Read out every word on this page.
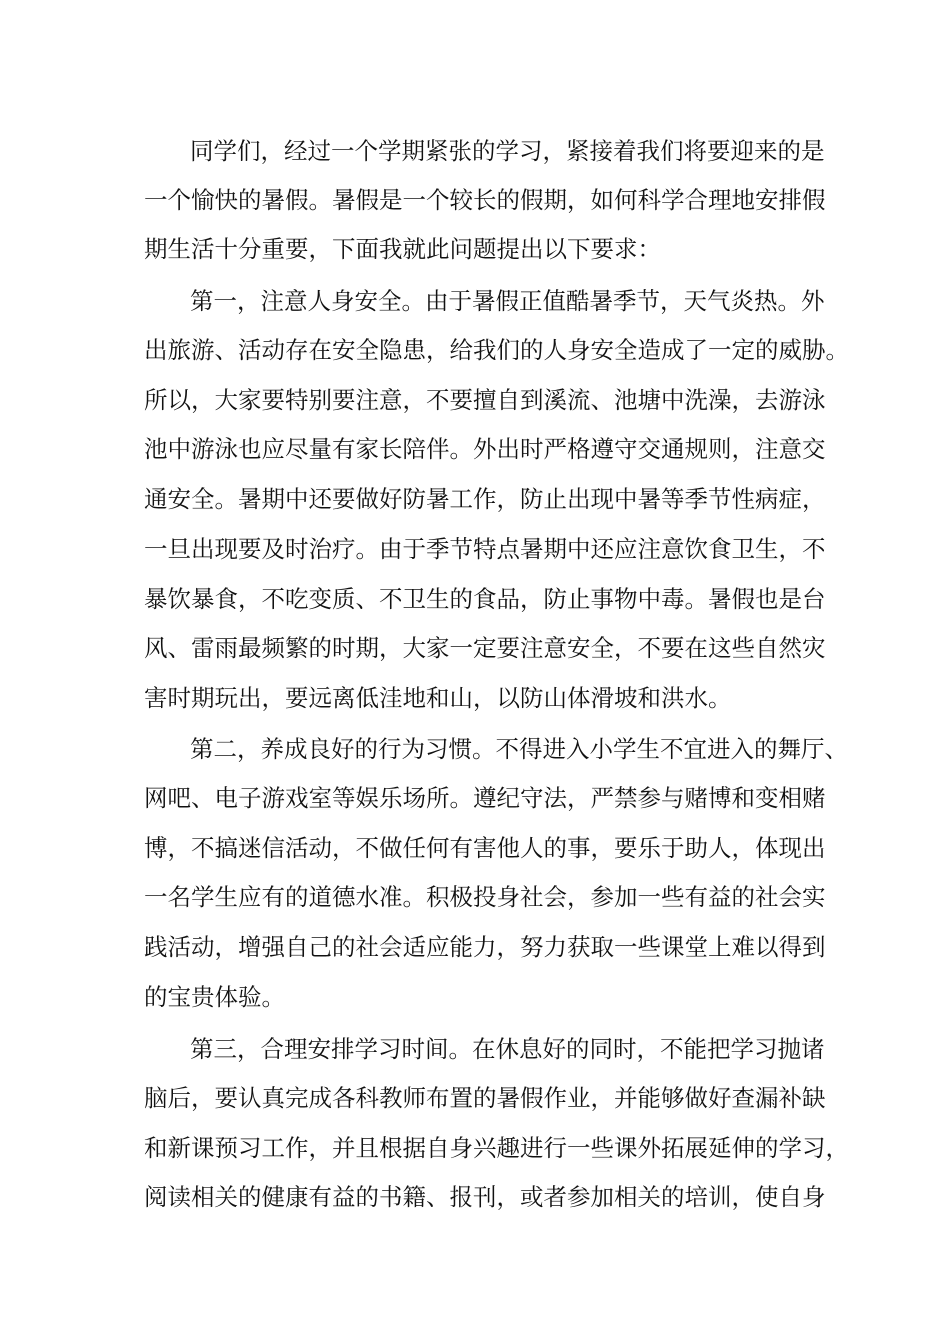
同学们，经过一个学期紧张的学习，紧接着我们将要迎来的是
一个愉快的暑假。暑假是一个较长的假期，如何科学合理地安排假
期生活十分重要，下面我就此问题提出以下要求：
第一，注意人身安全。由于暑假正值酷暑季节，天气炎热。外
出旅游、活动存在安全隐患，给我们的人身安全造成了一定的威胁。
所以，大家要特别要注意，不要擅自到溪流、池塘中洗澡，去游泳
池中游泳也应尽量有家长陪伴。外出时严格遵守交通规则，注意交
通安全。暑期中还要做好防暑工作，防止出现中暑等季节性病症，
一旦出现要及时治疗。由于季节特点暑期中还应注意饮食卫生，不
暴饮暴食，不吃变质、不卫生的食品，防止事物中毒。暑假也是台
风、雷雨最频繁的时期，大家一定要注意安全，不要在这些自然灾
害时期玩出，要远离低洼地和山，以防山体滑坡和洪水。
第二，养成良好的行为习惯。不得进入小学生不宜进入的舞厅、
网吧、电子游戏室等娱乐场所。遵纪守法，严禁参与赌博和变相赌
博，不搞迷信活动，不做任何有害他人的事，要乐于助人，体现出
一名学生应有的道德水准。积极投身社会，参加一些有益的社会实
践活动，增强自己的社会适应能力，努力获取一些课堂上难以得到
的宝贵体验。
第三，合理安排学习时间。在休息好的同时，不能把学习抛诸
脑后，要认真完成各科教师布置的暑假作业，并能够做好查漏补缺
和新课预习工作，并且根据自身兴趣进行一些课外拓展延伸的学习，
阅读相关的健康有益的书籍、报刊，或者参加相关的培训，使自身
